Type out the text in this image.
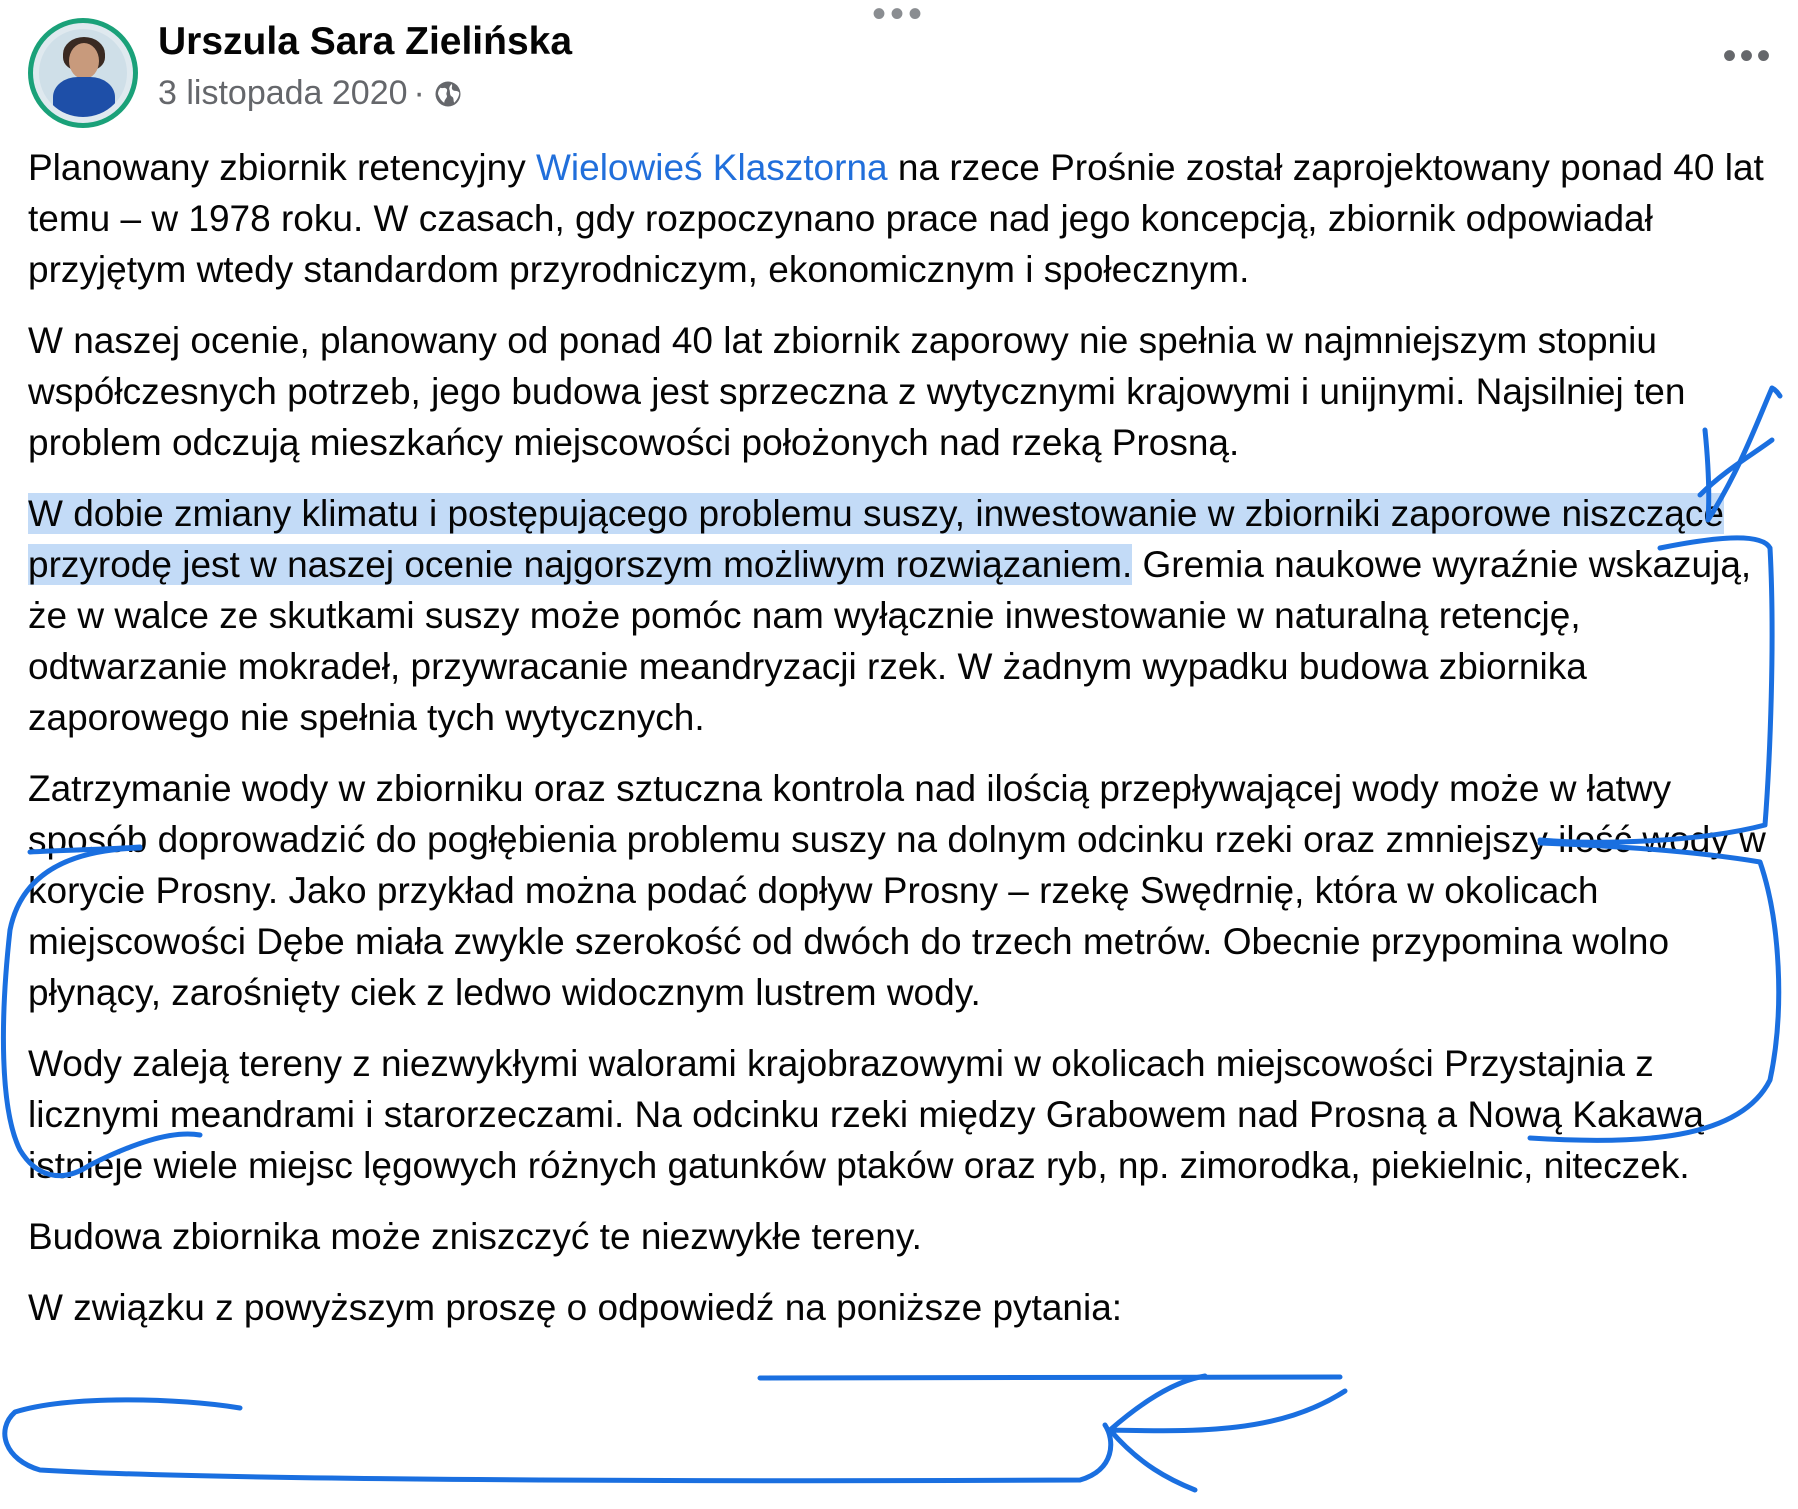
•••
Urszula Sara Zielińska
3 listopada 2020 ·
•••

Planowany zbiornik retencyjny Wielowieś Klasztorna na rzece Prośnie został zaprojektowany ponad 40 lat temu – w 1978 roku. W czasach, gdy rozpoczynano prace nad jego koncepcją, zbiornik odpowiadał przyjętym wtedy standardom przyrodniczym, ekonomicznym i społecznym.

W naszej ocenie, planowany od ponad 40 lat zbiornik zaporowy nie spełnia w najmniejszym stopniu współczesnych potrzeb, jego budowa jest sprzeczna z wytycznymi krajowymi i unijnymi. Najsilniej ten problem odczują mieszkańcy miejscowości położonych nad rzeką Prosną.

W dobie zmiany klimatu i postępującego problemu suszy, inwestowanie w zbiorniki zaporowe niszczące przyrodę jest w naszej ocenie najgorszym możliwym rozwiązaniem. Gremia naukowe wyraźnie wskazują, że w walce ze skutkami suszy może pomóc nam wyłącznie inwestowanie w naturalną retencję, odtwarzanie mokradeł, przywracanie meandryzacji rzek. W żadnym wypadku budowa zbiornika zaporowego nie spełnia tych wytycznych.

Zatrzymanie wody w zbiorniku oraz sztuczna kontrola nad ilością przepływającej wody może w łatwy sposób doprowadzić do pogłębienia problemu suszy na dolnym odcinku rzeki oraz zmniejszy ilość wody w korycie Prosny. Jako przykład można podać dopływ Prosny – rzekę Swędrnię, która w okolicach miejscowości Dębe miała zwykle szerokość od dwóch do trzech metrów. Obecnie przypomina wolno płynący, zarośnięty ciek z ledwo widocznym lustrem wody.

Wody zaleją tereny z niezwykłymi walorami krajobrazowymi w okolicach miejscowości Przystajnia z licznymi meandrami i starorzeczami. Na odcinku rzeki między Grabowem nad Prosną a Nową Kakawą istnieje wiele miejsc lęgowych różnych gatunków ptaków oraz ryb, np. zimorodka, piekielnic, niteczek.

Budowa zbiornika może zniszczyć te niezwykłe tereny.

W związku z powyższym proszę o odpowiedź na poniższe pytania:
